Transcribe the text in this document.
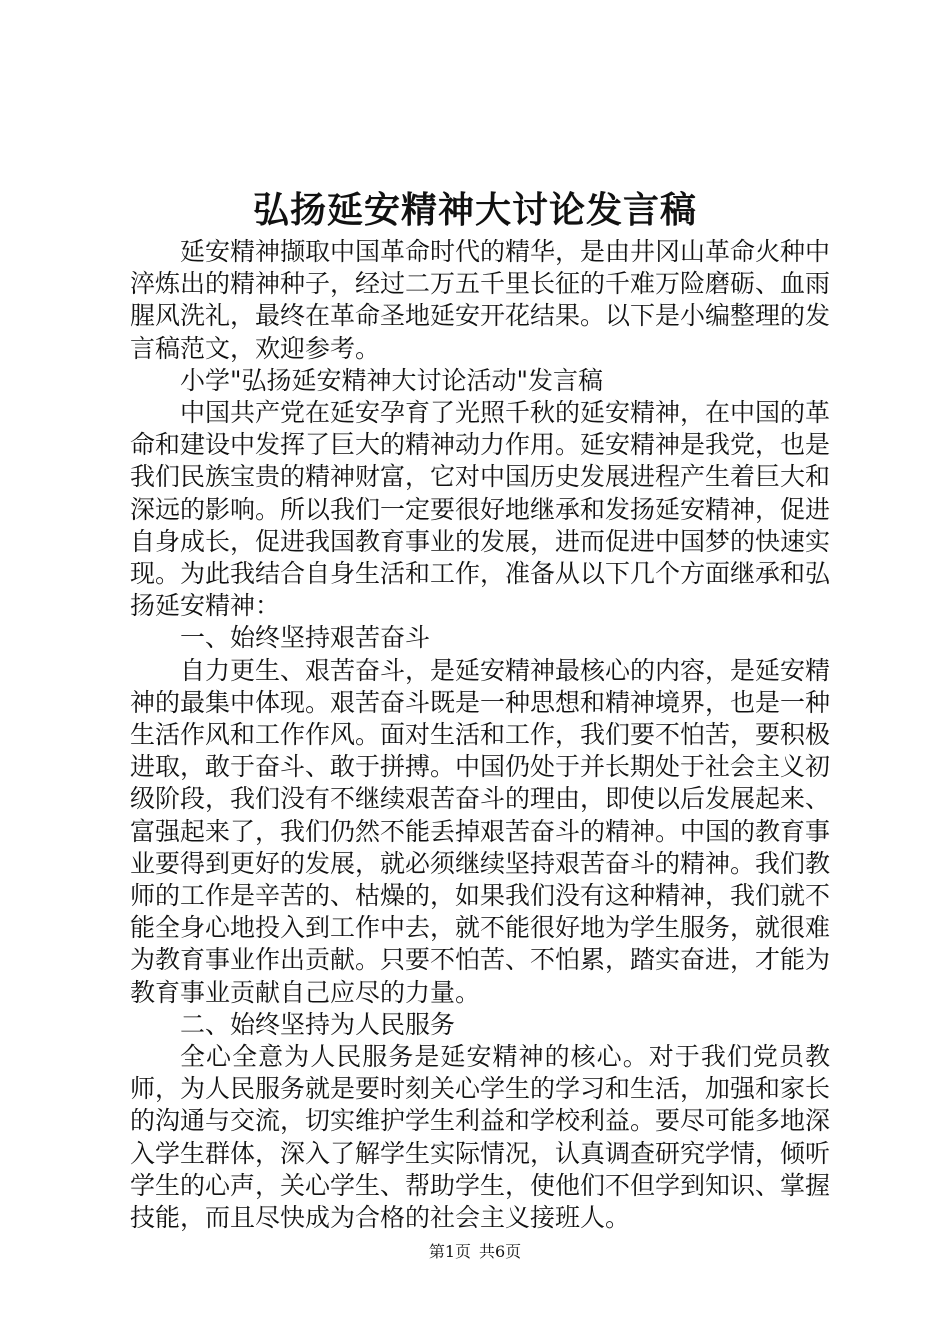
弘扬延安精神大讨论发言稿

延安精神撷取中国革命时代的精华，是由井冈山革命火种中淬炼出的精神种子，经过二万五千里长征的千难万险磨砺、血雨腥风洗礼，最终在革命圣地延安开花结果。以下是小编整理的发言稿范文，欢迎参考。

小学"弘扬延安精神大讨论活动"发言稿

中国共产党在延安孕育了光照千秋的延安精神，在中国的革命和建设中发挥了巨大的精神动力作用。延安精神是我党，也是我们民族宝贵的精神财富，它对中国历史发展进程产生着巨大和深远的影响。所以我们一定要很好地继承和发扬延安精神，促进自身成长，促进我国教育事业的发展，进而促进中国梦的快速实现。为此我结合自身生活和工作，准备从以下几个方面继承和弘扬延安精神：

一、始终坚持艰苦奋斗

自力更生、艰苦奋斗，是延安精神最核心的内容，是延安精神的最集中体现。艰苦奋斗既是一种思想和精神境界，也是一种生活作风和工作作风。面对生活和工作，我们要不怕苦，要积极进取，敢于奋斗、敢于拼搏。中国仍处于并长期处于社会主义初级阶段，我们没有不继续艰苦奋斗的理由，即使以后发展起来、富强起来了，我们仍然不能丢掉艰苦奋斗的精神。中国的教育事业要得到更好的发展，就必须继续坚持艰苦奋斗的精神。我们教师的工作是辛苦的、枯燥的，如果我们没有这种精神，我们就不能全身心地投入到工作中去，就不能很好地为学生服务，就很难为教育事业作出贡献。只要不怕苦、不怕累，踏实奋进，才能为教育事业贡献自己应尽的力量。

二、始终坚持为人民服务

全心全意为人民服务是延安精神的核心。对于我们党员教师，为人民服务就是要时刻关心学生的学习和生活，加强和家长的沟通与交流，切实维护学生利益和学校利益。要尽可能多地深入学生群体，深入了解学生实际情况，认真调查研究学情，倾听学生的心声，关心学生、帮助学生，使他们不但学到知识、掌握技能，而且尽快成为合格的社会主义接班人。

第1页 共6页
